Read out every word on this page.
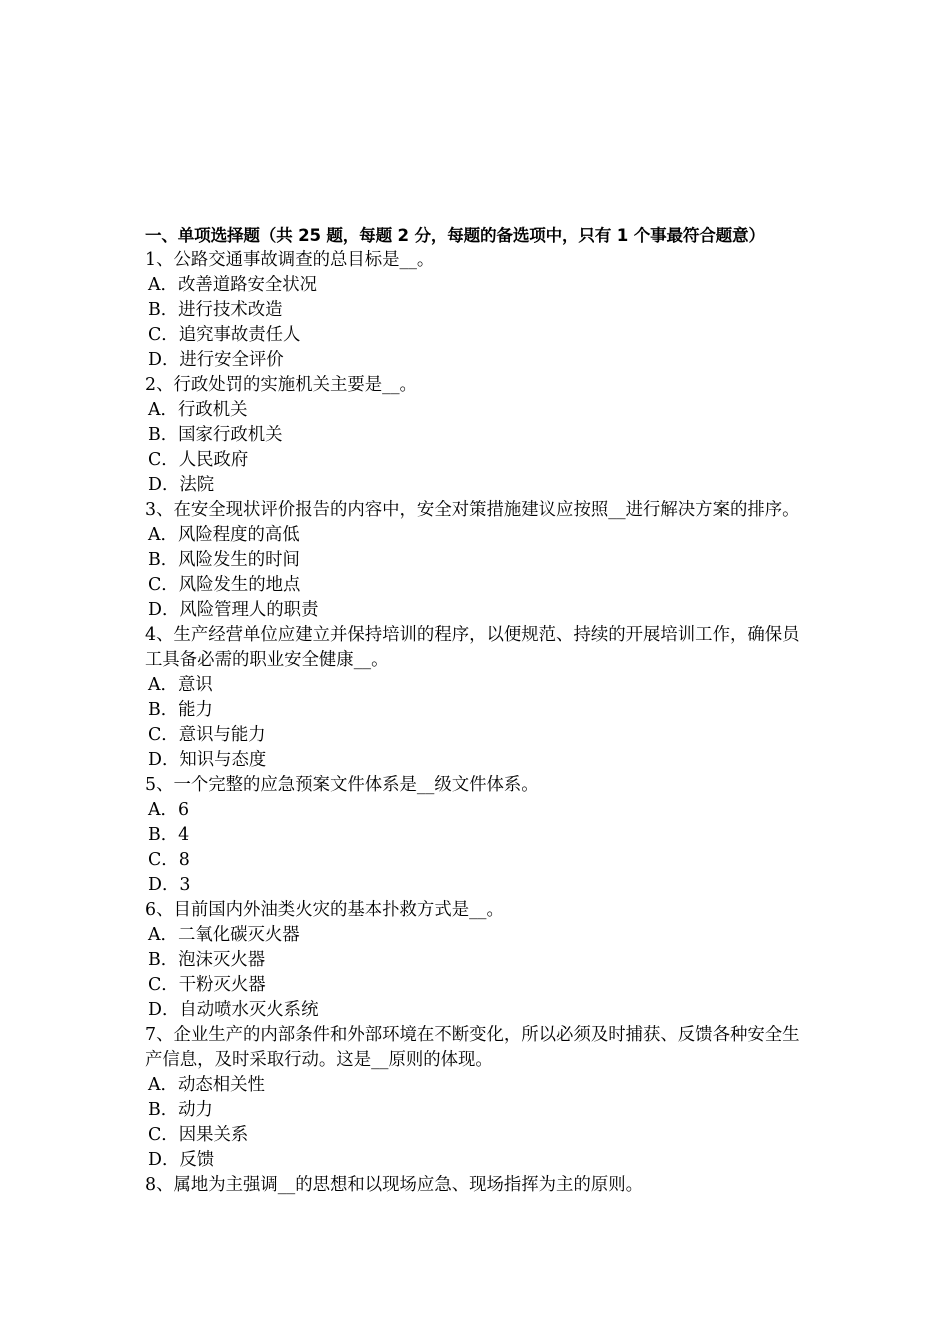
一、单项选择题（共 25 题，每题 2 分，每题的备选项中，只有 1 个事最符合题意）
1、公路交通事故调查的总目标是__。
A．改善道路安全状况
B．进行技术改造
C．追究事故责任人
D．进行安全评价
2、行政处罚的实施机关主要是__。
A．行政机关
B．国家行政机关
C．人民政府
D．法院
3、在安全现状评价报告的内容中，安全对策措施建议应按照__进行解决方案的排序。
A．风险程度的高低
B．风险发生的时间
C．风险发生的地点
D．风险管理人的职责
4、生产经营单位应建立并保持培训的程序，以便规范、持续的开展培训工作，确保员工具备必需的职业安全健康__。
A．意识
B．能力
C．意识与能力
D．知识与态度
5、一个完整的应急预案文件体系是__级文件体系。
A．6
B．4
C．8
D．3
6、目前国内外油类火灾的基本扑救方式是__。
A．二氧化碳灭火器
B．泡沫灭火器
C．干粉灭火器
D．自动喷水灭火系统
7、企业生产的内部条件和外部环境在不断变化，所以必须及时捕获、反馈各种安全生产信息，及时采取行动。这是__原则的体现。
A．动态相关性
B．动力
C．因果关系
D．反馈
8、属地为主强调__的思想和以现场应急、现场指挥为主的原则。
